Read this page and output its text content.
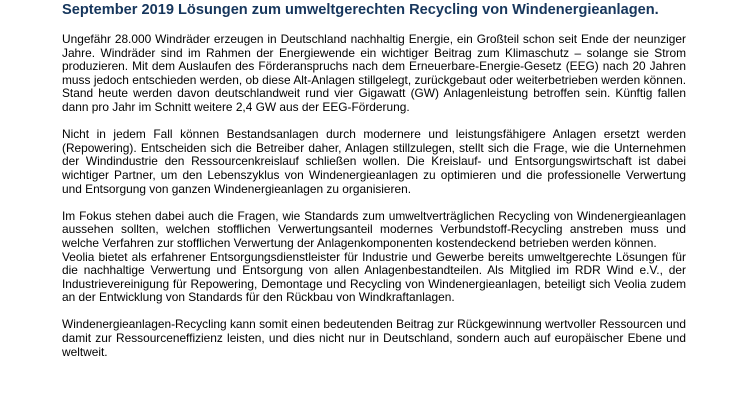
September 2019 Lösungen zum umweltgerechten Recycling von Windenergieanlagen.

Ungefähr 28.000 Windräder erzeugen in Deutschland nachhaltig Energie, ein Großteil schon seit Ende der neunziger Jahre. Windräder sind im Rahmen der Energiewende ein wichtiger Beitrag zum Klimaschutz – solange sie Strom produzieren. Mit dem Auslaufen des Förderanspruchs nach dem Erneuerbare-Energie-Gesetz (EEG) nach 20 Jahren muss jedoch entschieden werden, ob diese Alt-Anlagen stillgelegt, zurückgebaut oder weiterbetrieben werden können. Stand heute werden davon deutschlandweit rund vier Gigawatt (GW) Anlagenleistung betroffen sein. Künftig fallen dann pro Jahr im Schnitt weitere 2,4 GW aus der EEG-Förderung.

Nicht in jedem Fall können Bestandsanlagen durch modernere und leistungsfähigere Anlagen ersetzt werden (Repowering). Entscheiden sich die Betreiber daher, Anlagen stillzulegen, stellt sich die Frage, wie die Unternehmen der Windindustrie den Ressourcenkreislauf schließen wollen. Die Kreislauf- und Entsorgungswirtschaft ist dabei wichtiger Partner, um den Lebenszyklus von Windenergieanlagen zu optimieren und die professionelle Verwertung und Entsorgung von ganzen Windenergieanlagen zu organisieren.

Im Fokus stehen dabei auch die Fragen, wie Standards zum umweltverträglichen Recycling von Windenergieanlagen aussehen sollten, welchen stofflichen Verwertungsanteil modernes Verbundstoff-Recycling anstreben muss und welche Verfahren zur stofflichen Verwertung der Anlagenkomponenten kostendeckend betrieben werden können.

Veolia bietet als erfahrener Entsorgungsdienstleister für Industrie und Gewerbe bereits umweltgerechte Lösungen für die nachhaltige Verwertung und Entsorgung von allen Anlagenbestandteilen. Als Mitglied im RDR Wind e.V., der Industrievereinigung für Repowering, Demontage und Recycling von Windenergieanlagen, beteiligt sich Veolia zudem an der Entwicklung von Standards für den Rückbau von Windkraftanlagen.

Windenergieanlagen-Recycling kann somit einen bedeutenden Beitrag zur Rückgewinnung wertvoller Ressourcen und damit zur Ressourceneffizienz leisten, und dies nicht nur in Deutschland, sondern auch auf europäischer Ebene und weltweit.
